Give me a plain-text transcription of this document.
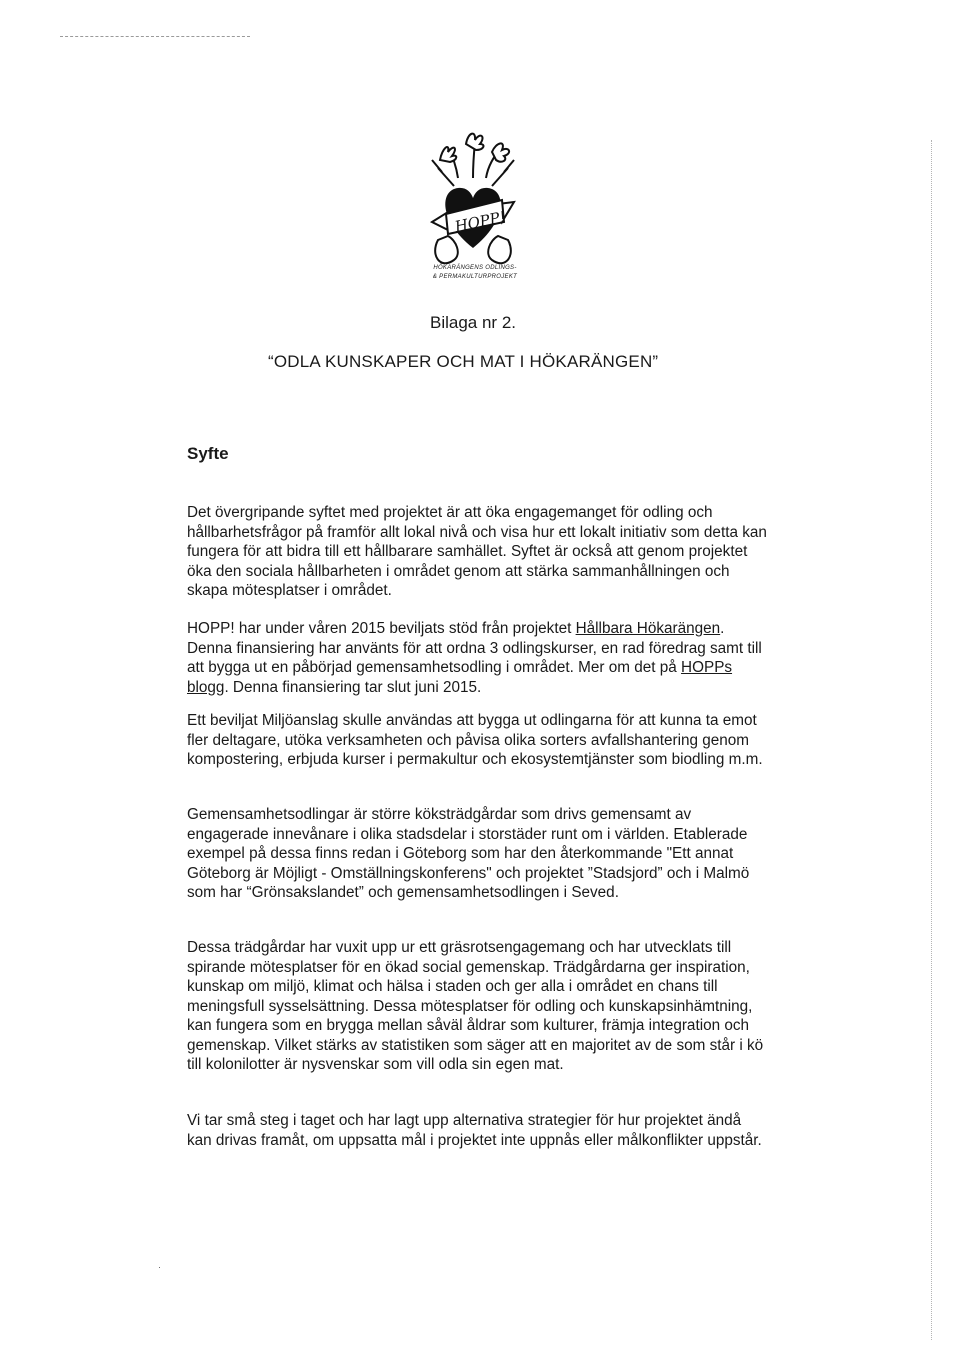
HOPP!
HÖKARÄNGENS ODLINGS-
& PERMAKULTURPROJEKT
Bilaga nr 2.
“ODLA KUNSKAPER OCH MAT I HÖKARÄNGEN”
Syfte

Det övergripande syftet med projektet är att öka engagemanget för odling och hållbarhetsfrågor på framför allt lokal nivå och visa hur ett lokalt initiativ som detta kan fungera för att bidra till ett hållbarare samhället. Syftet är också att genom projektet öka den sociala hållbarheten i området genom att stärka sammanhållningen och skapa mötesplatser i området.

HOPP! har under våren 2015 beviljats stöd från projektet Hållbara Hökarängen. Denna finansiering har använts för att ordna 3 odlingskurser, en rad föredrag samt till att bygga ut en påbörjad gemensamhetsodling i området. Mer om det på HOPPs blogg. Denna finansiering tar slut juni 2015.

Ett beviljat Miljöanslag skulle användas att bygga ut odlingarna för att kunna ta emot fler deltagare, utöka verksamheten och påvisa olika sorters avfallshantering genom kompostering, erbjuda kurser i permakultur och ekosystemtjänster som biodling m.m.

Gemensamhetsodlingar är större köksträdgårdar som drivs gemensamt av engagerade innevånare i olika stadsdelar i storstäder runt om i världen. Etablerade exempel på dessa finns redan i Göteborg som har den återkommande "Ett annat Göteborg är Möjligt - Omställningskonferens" och projektet ”Stadsjord” och i Malmö som har “Grönsakslandet” och gemensamhetsodlingen i Seved.

Dessa trädgårdar har vuxit upp ur ett gräsrotsengagemang och har utvecklats till spirande mötesplatser för en ökad social gemenskap. Trädgårdarna ger inspiration, kunskap om miljö, klimat och hälsa i staden och ger alla i området en chans till meningsfull sysselsättning. Dessa mötesplatser för odling och kunskapsinhämtning, kan fungera som en brygga mellan såväl åldrar som kulturer, främja integration och gemenskap. Vilket stärks av statistiken som säger att en majoritet av de som står i kö till kolonilotter är nysvenskar som vill odla sin egen mat.

Vi tar små steg i taget och har lagt upp alternativa strategier för hur projektet ändå kan drivas framåt, om uppsatta mål i projektet inte uppnås eller målkonflikter uppstår.

·
